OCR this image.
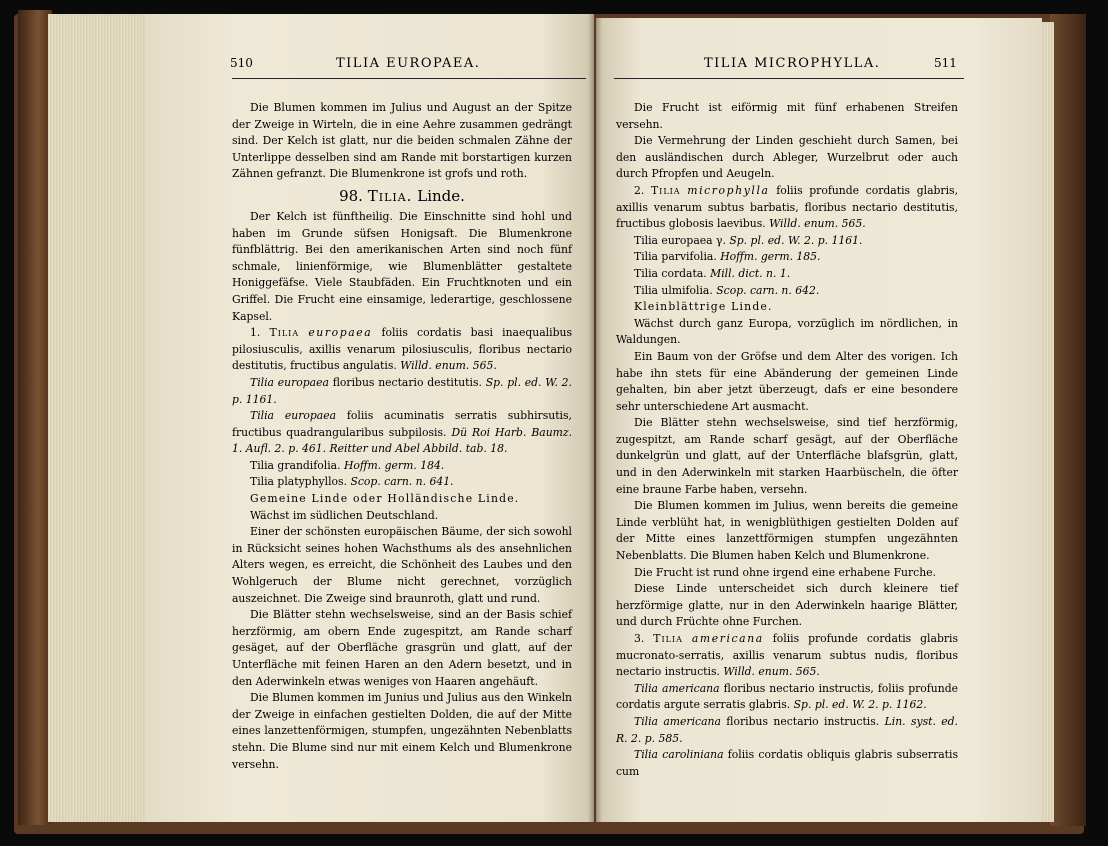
510	TILIA EUROPAEA.

Die Blumen kommen im Julius und August an der Spitze der Zweige in Wirteln, die in eine Aehre zusammen gedrängt sind. Der Kelch ist glatt, nur die beiden schmalen Zähne der Unterlippe desselben sind am Rande mit borstartigen kurzen Zähnen gefranzt. Die Blumenkrone ist grofs und roth.

98. Tilia. Linde.

Der Kelch ist fünftheilig. Die Einschnitte sind hohl und haben im Grunde süfsen Honigsaft. Die Blumenkrone fünfblättrig. Bei den amerikanischen Arten sind noch fünf schmale, linienförmige, wie Blumenblätter gestaltete Honiggefäfse. Viele Staubfäden. Ein Fruchtknoten und ein Griffel. Die Frucht eine einsamige, lederartige, geschlossene Kapsel.

1. Tilia europaea foliis cordatis basi inaequalibus pilosiusculis, axillis venarum pilosiusculis, floribus nectario destitutis, fructibus angulatis. Willd. enum. 565.

Tilia europaea floribus nectario destitutis. Sp. pl. ed. W. 2. p. 1161.

Tilia europaea foliis acuminatis serratis subhirsutis, fructibus quadrangularibus subpilosis. Dü Roi Harb. Baumz. 1. Aufl. 2. p. 461. Reitter und Abel Abbild. tab. 18.

Tilia grandifolia. Hoffm. germ. 184.

Tilia platyphyllos. Scop. carn. n. 641.

Gemeine Linde oder Holländische Linde.

Wächst im südlichen Deutschland.

Einer der schönsten europäischen Bäume, der sich sowohl in Rücksicht seines hohen Wachsthums als des ansehnlichen Alters wegen, es erreicht, die Schönheit des Laubes und den Wohlgeruch der Blume nicht gerechnet, vorzüglich auszeichnet. Die Zweige sind braunroth, glatt und rund.

Die Blätter stehn wechselsweise, sind an der Basis schief herzförmig, am obern Ende zugespitzt, am Rande scharf gesäget, auf der Oberfläche grasgrün und glatt, auf der Unterfläche mit feinen Haren an den Adern besetzt, und in den Aderwinkeln etwas weniges von Haaren angehäuft.

Die Blumen kommen im Junius und Julius aus den Winkeln der Zweige in einfachen gestielten Dolden, die auf der Mitte eines lanzettenförmigen, stumpfen, ungezähnten Nebenblatts stehn. Die Blume sind nur mit einem Kelch und Blumenkrone versehn.

TILIA MICROPHYLLA.	511

Die Frucht ist eiförmig mit fünf erhabenen Streifen versehn.

Die Vermehrung der Linden geschieht durch Samen, bei den ausländischen durch Ableger, Wurzelbrut oder auch durch Pfropfen und Aeugeln.

2. Tilia microphylla foliis profunde cordatis glabris, axillis venarum subtus barbatis, floribus nectario destitutis, fructibus globosis laevibus. Willd. enum. 565.

Tilia europaea γ. Sp. pl. ed. W. 2. p. 1161.

Tilia parvifolia. Hoffm. germ. 185.

Tilia cordata. Mill. dict. n. 1.

Tilia ulmifolia. Scop. carn. n. 642.

Kleinblättrige Linde.

Wächst durch ganz Europa, vorzüglich im nördlichen, in Waldungen.

Ein Baum von der Gröfse und dem Alter des vorigen. Ich habe ihn stets für eine Abänderung der gemeinen Linde gehalten, bin aber jetzt überzeugt, dafs er eine besondere sehr unterschiedene Art ausmacht.

Die Blätter stehn wechselsweise, sind tief herzförmig, zugespitzt, am Rande scharf gesägt, auf der Oberfläche dunkelgrün und glatt, auf der Unterfläche blafsgrün, glatt, und in den Aderwinkeln mit starken Haarbüscheln, die öfter eine braune Farbe haben, versehn.

Die Blumen kommen im Julius, wenn bereits die gemeine Linde verblüht hat, in wenigblüthigen gestielten Dolden auf der Mitte eines lanzettförmigen stumpfen ungezähnten Nebenblatts. Die Blumen haben Kelch und Blumenkrone.

Die Frucht ist rund ohne irgend eine erhabene Furche.

Diese Linde unterscheidet sich durch kleinere tief herzförmige glatte, nur in den Aderwinkeln haarige Blätter, und durch Früchte ohne Furchen.

3. Tilia americana foliis profunde cordatis glabris mucronato-serratis, axillis venarum subtus nudis, floribus nectario instructis. Willd. enum. 565.

Tilia americana floribus nectario instructis, foliis profunde cordatis argute serratis glabris. Sp. pl. ed. W. 2. p. 1162.

Tilia americana floribus nectario instructis. Lin. syst. ed. R. 2. p. 585.

Tilia caroliniana foliis cordatis obliquis glabris subserratis cum
